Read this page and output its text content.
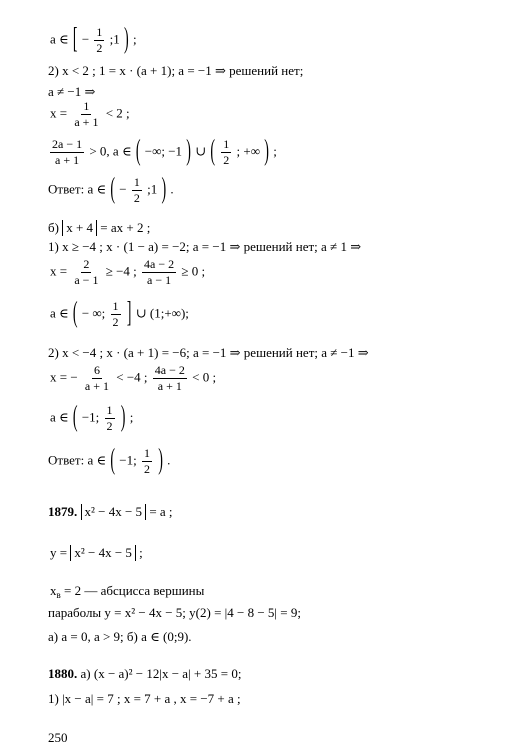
a ∈ [ − $\frac{1}{2}$ ;1 ) ;
2) x < 2 ; 1 = x · (a + 1); a = −1 ⇒ решений нет;
a ≠ −1 ⇒
$x = \frac{1}{a + 1} < 2$ ;
$\frac{2a - 1}{a + 1} > 0$, a ∈ ( −∞; −1 ) ∪ ( $\frac{1}{2}$ ; +∞ ) ;
Ответ: a ∈ ( − $\frac{1}{2}$ ;1 ) .
б) x + 4 = ax + 2 ;
1) x ≥ −4 ; x · (1 − a) = −2; a = −1 ⇒ решений нет; a ≠ 1 ⇒
$x = \frac{2}{a - 1} \ge -4$ ; $\frac{4a - 2}{a - 1} \ge 0$ ;
a ∈ ( − ∞; $\frac{1}{2}$ ] ∪ (1;+∞);
2) x < −4 ; x · (a + 1) = −6; a = −1 ⇒ решений нет; a ≠ −1 ⇒
x = − $\frac{6}{a + 1} < -4$ ; $\frac{4a - 2}{a + 1} < 0$ ;
a ∈ ( −1; $\frac{1}{2}$ ) ;
Ответ: a ∈ ( −1; $\frac{1}{2}$ ) .
1879. x² − 4x − 5 = a ;
y = x² − 4x − 5 ;
$x_в = 2$ — абсцисса вершины
параболы y = x² − 4x − 5; y(2) = |4 − 8 − 5| = 9;
а) a = 0, a > 9; б) a ∈ (0;9).
1880. а) (x − a)² − 12|x − a| + 35 = 0;
1) |x − a| = 7 ; x = 7 + a , x = −7 + a ;
250
